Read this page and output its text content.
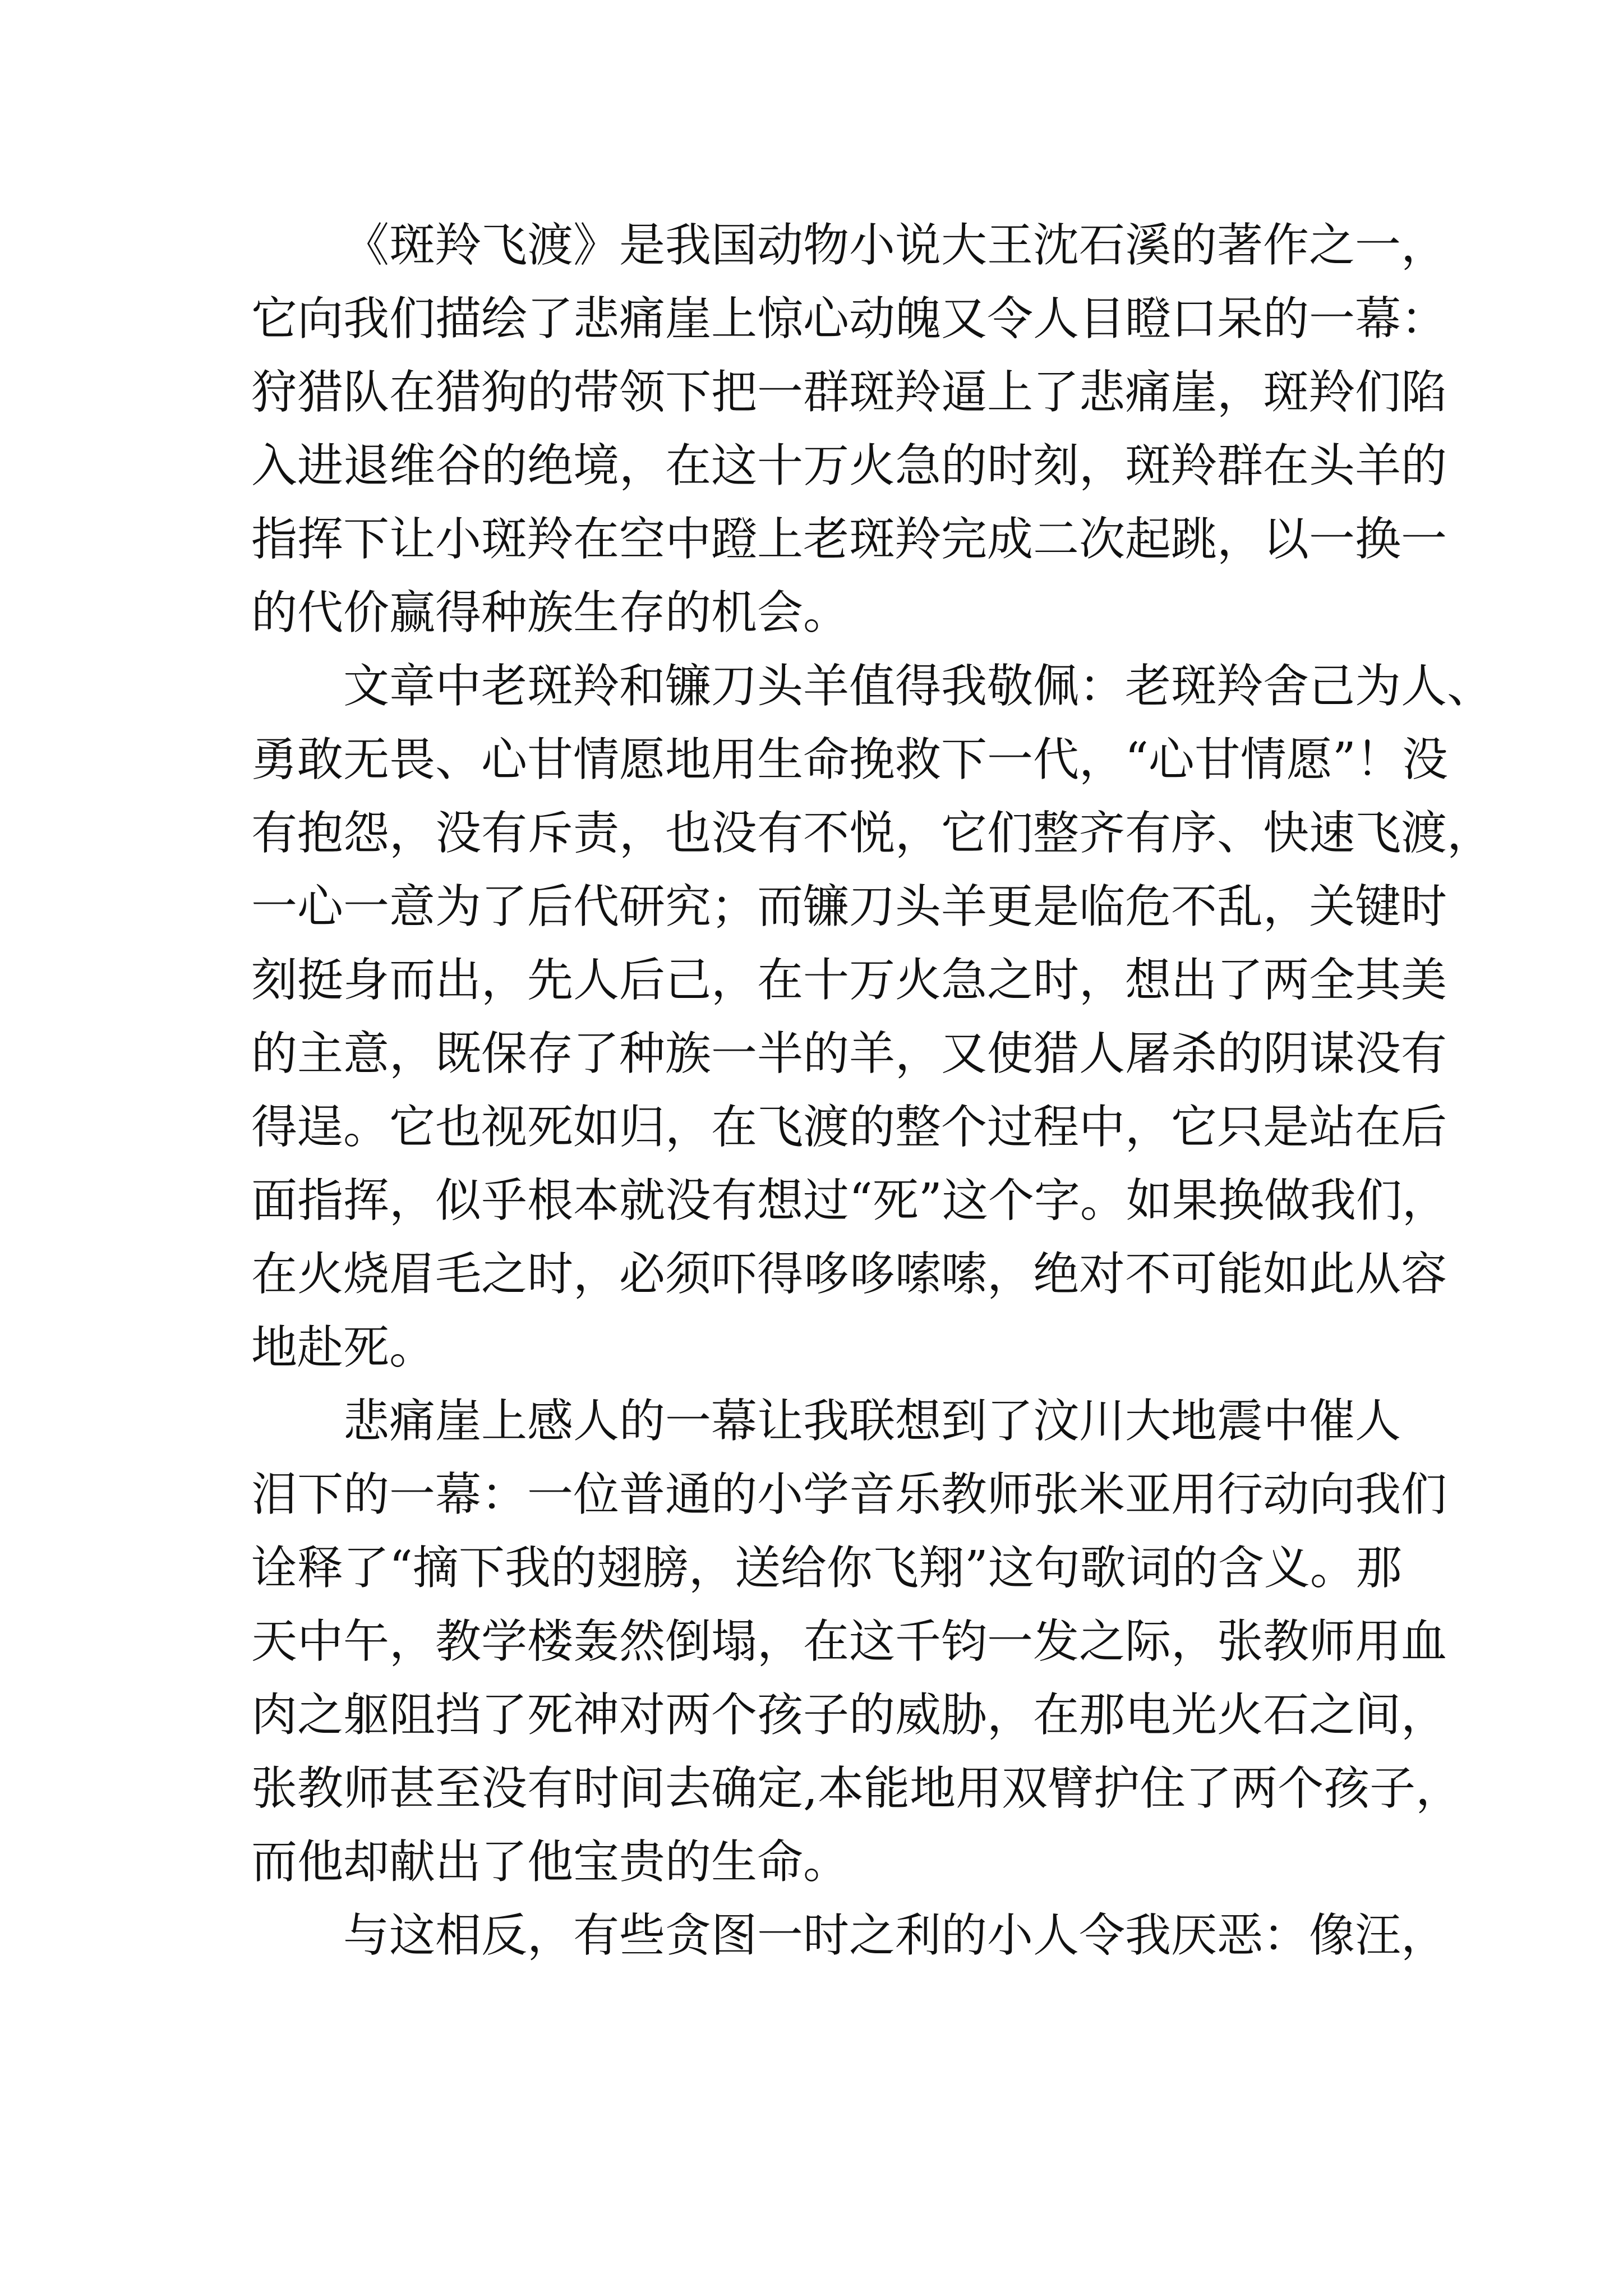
《斑羚飞渡》是我国动物小说大王沈石溪的著作之一，
它向我们描绘了悲痛崖上惊心动魄又令人目瞪口呆的一幕：
狩猎队在猎狗的带领下把一群斑羚逼上了悲痛崖，斑羚们陷
入进退维谷的绝境，在这十万火急的时刻，斑羚群在头羊的
指挥下让小斑羚在空中蹬上老斑羚完成二次起跳，以一换一
的代价赢得种族生存的机会。
文章中老斑羚和镰刀头羊值得我敬佩：老斑羚舍己为人、
勇敢无畏、心甘情愿地用生命挽救下一代，“心甘情愿”！没
有抱怨，没有斥责，也没有不悦，它们整齐有序、快速飞渡，
一心一意为了后代研究；而镰刀头羊更是临危不乱，关键时
刻挺身而出，先人后己，在十万火急之时，想出了两全其美
的主意，既保存了种族一半的羊，又使猎人屠杀的阴谋没有
得逞。它也视死如归，在飞渡的整个过程中，它只是站在后
面指挥，似乎根本就没有想过“死”这个字。如果换做我们，
在火烧眉毛之时，必须吓得哆哆嗦嗦，绝对不可能如此从容
地赴死。
悲痛崖上感人的一幕让我联想到了汶川大地震中催人
泪下的一幕：一位普通的小学音乐教师张米亚用行动向我们
诠释了“摘下我的翅膀，送给你飞翔”这句歌词的含义。那
天中午，教学楼轰然倒塌，在这千钧一发之际，张教师用血
肉之躯阻挡了死神对两个孩子的威胁，在那电光火石之间，
张教师甚至没有时间去确定,本能地用双臂护住了两个孩子，
而他却献出了他宝贵的生命。
与这相反，有些贪图一时之利的小人令我厌恶：像汪，
